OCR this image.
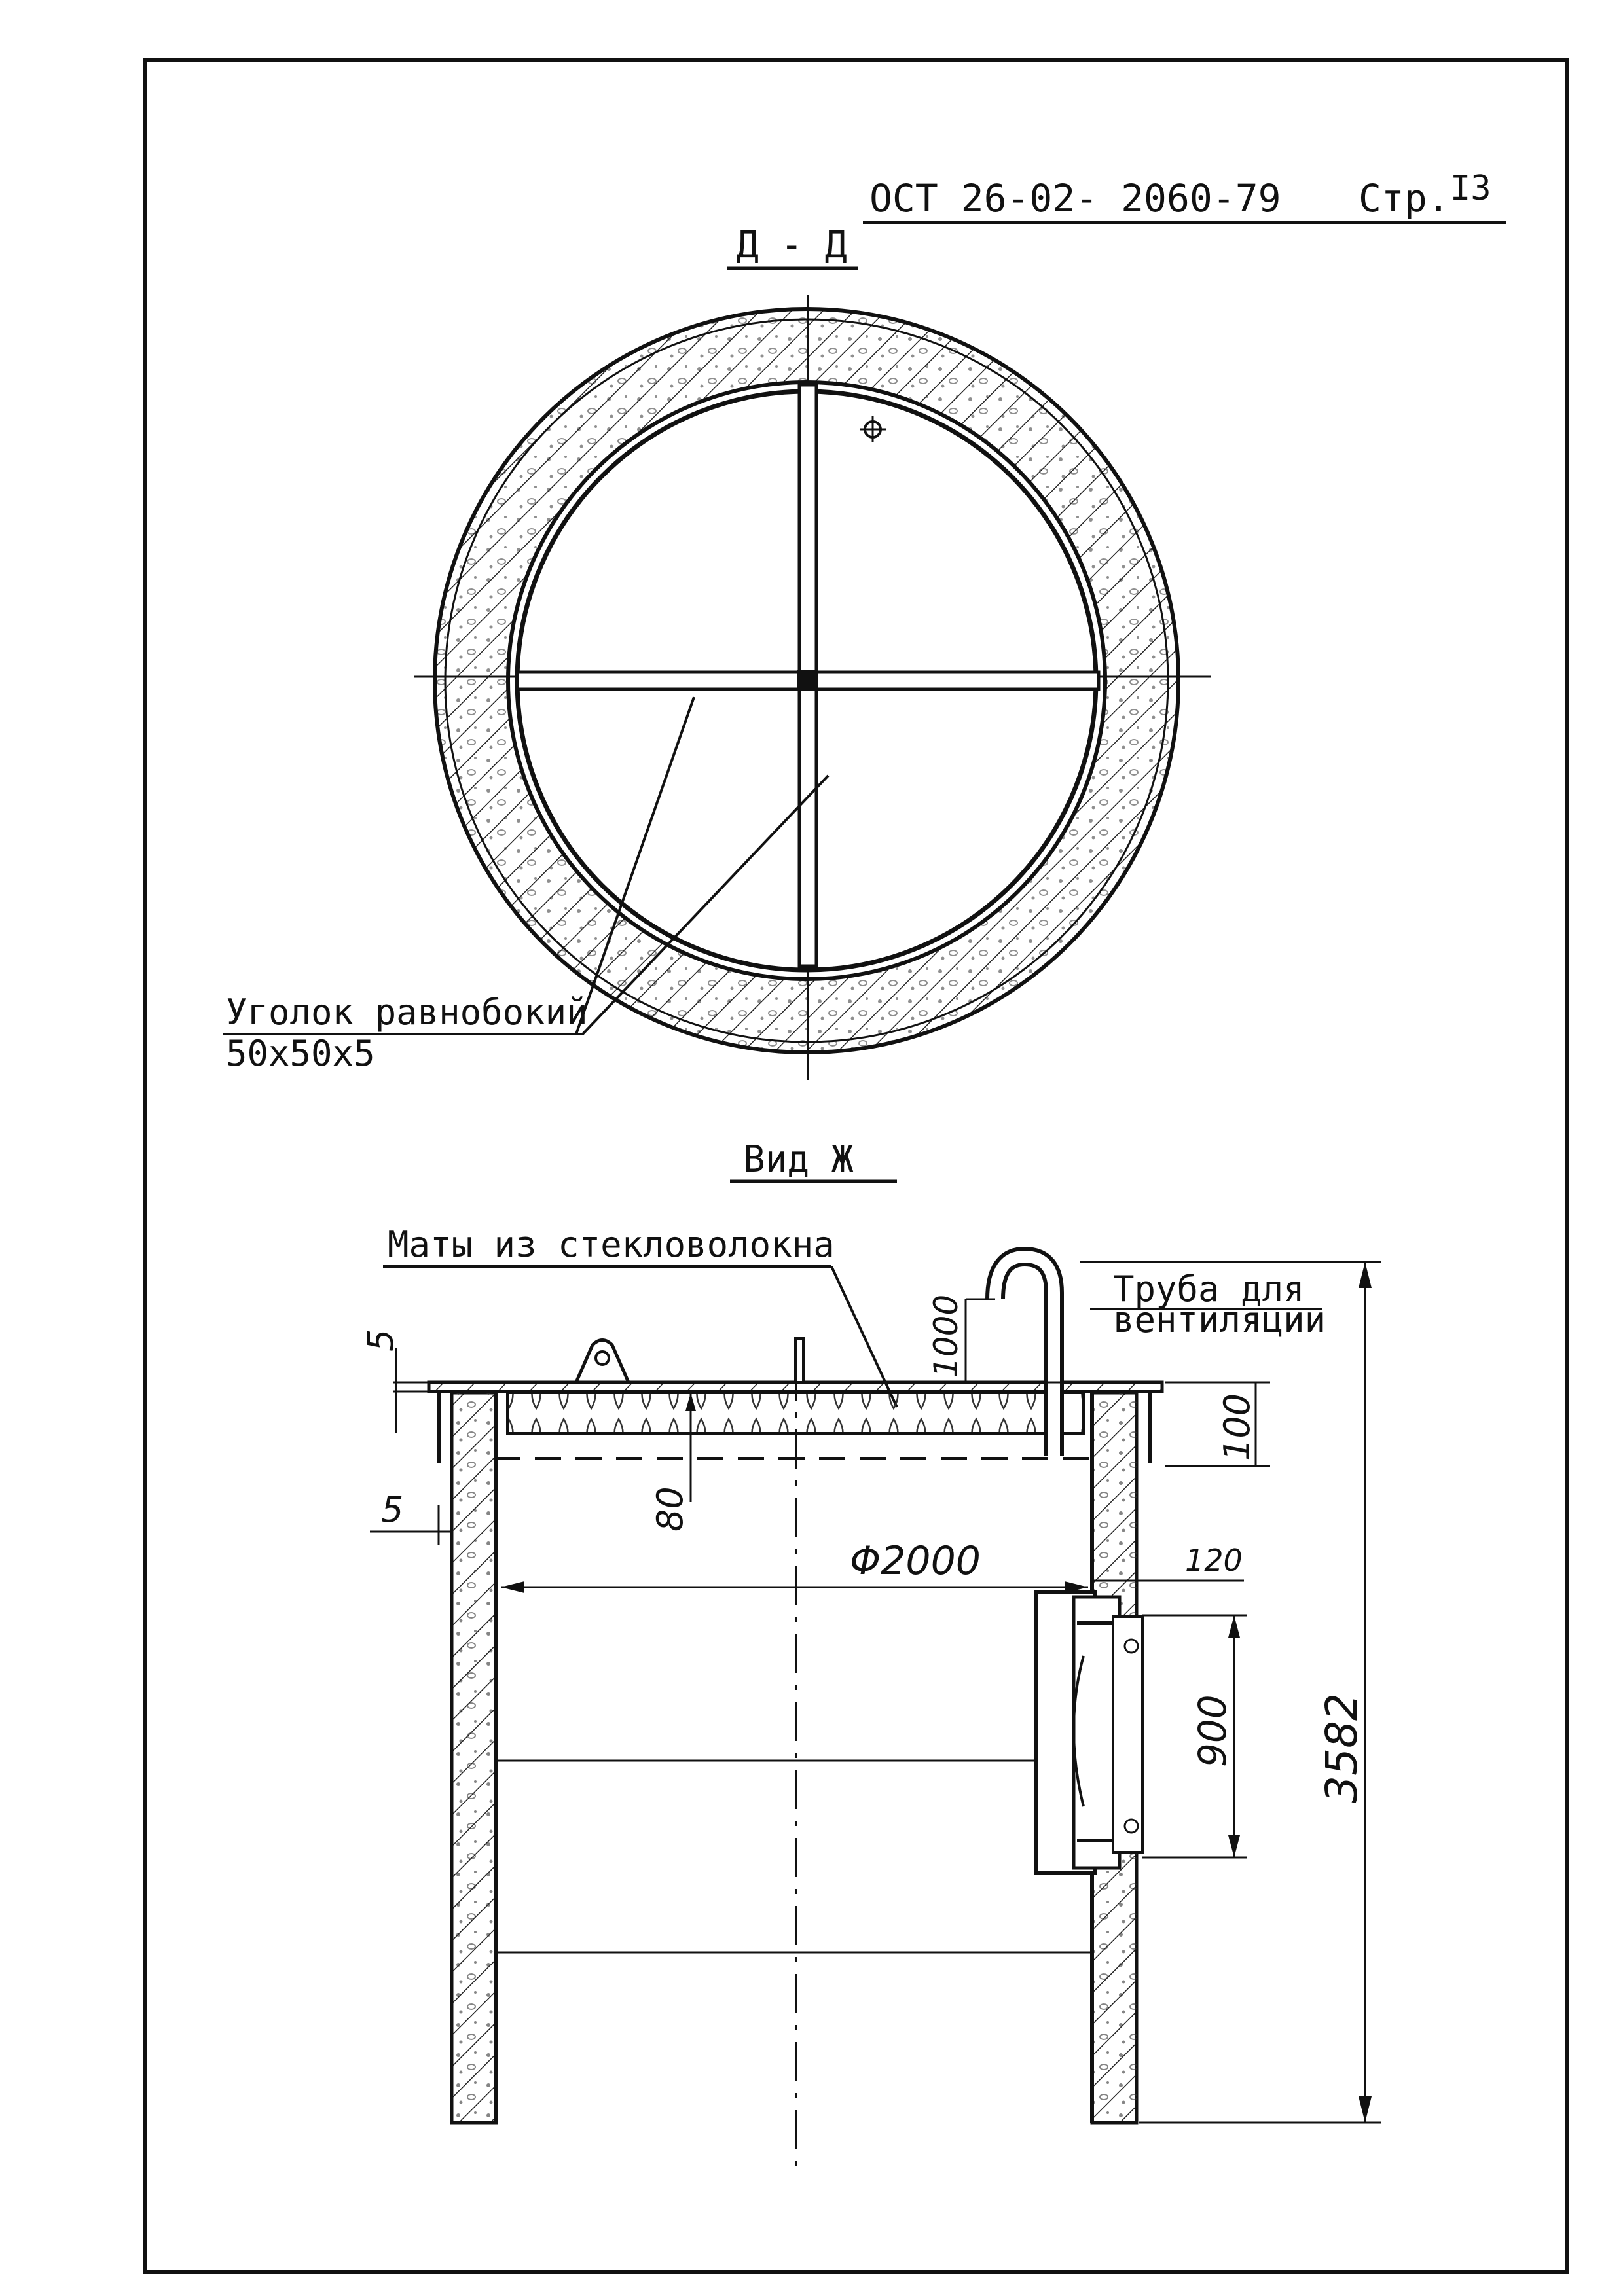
ОСТ 26-02- 2060-79 Стр. I3
Д - Д
Уголок равнобокий
50x50x5
Вид Ж
Маты из стекловолокна
Труба для
вентиляции
3582
100
1000
5
5	80
Φ2000	120
900
